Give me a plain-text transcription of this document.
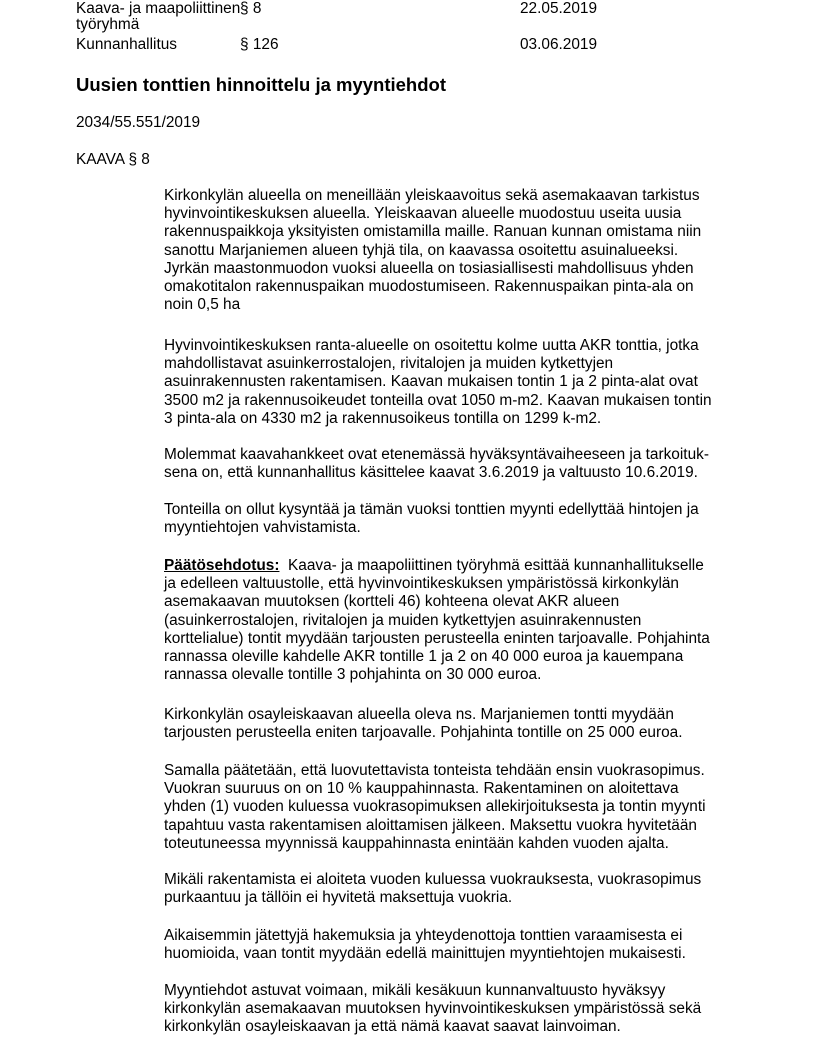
Kaava- ja maapoliittinen
työryhmä
§ 8	22.05.2019
Kunnanhallitus	§ 126	03.06.2019
Uusien tonttien hinnoittelu ja myyntiehdot
2034/55.551/2019
KAAVA § 8
Kirkonkylän alueella on meneillään yleiskaavoitus sekä asemakaavan tarkistus
hyvinvointikeskuksen alueella. Yleiskaavan alueelle muodostuu useita uusia
rakennuspaikkoja yksityisten omistamilla maille. Ranuan kunnan omistama niin
sanottu Marjaniemen alueen tyhjä tila, on kaavassa osoitettu asuinalueeksi.
Jyrkän maastonmuodon vuoksi alueella on tosiasiallisesti mahdollisuus yhden
omakotitalon rakennuspaikan muodostumiseen. Rakennuspaikan pinta-ala on
noin 0,5 ha
Hyvinvointikeskuksen ranta-alueelle on osoitettu kolme uutta AKR tonttia, jotka
mahdollistavat asuinkerrostalojen, rivitalojen ja muiden kytkettyjen
asuinrakennusten rakentamisen. Kaavan mukaisen tontin 1 ja 2 pinta-alat ovat
3500 m2 ja rakennusoikeudet tonteilla ovat 1050 m-m2. Kaavan mukaisen tontin
3 pinta-ala on 4330 m2 ja rakennusoikeus tontilla on 1299 k-m2.
Molemmat kaavahankkeet ovat etenemässä hyväksyntävaiheeseen ja tarkoituk-
sena on, että kunnanhallitus käsittelee kaavat 3.6.2019 ja valtuusto 10.6.2019.
Tonteilla on ollut kysyntää ja tämän vuoksi tonttien myynti edellyttää hintojen ja
myyntiehtojen vahvistamista.
Päätösehdotus:  Kaava- ja maapoliittinen työryhmä esittää kunnanhallitukselle
ja edelleen valtuustolle, että hyvinvointikeskuksen ympäristössä kirkonkylän
asemakaavan muutoksen (kortteli 46) kohteena olevat AKR alueen
(asuinkerrostalojen, rivitalojen ja muiden kytkettyjen asuinrakennusten
korttelialue) tontit myydään tarjousten perusteella eninten tarjoavalle. Pohjahinta
rannassa oleville kahdelle AKR tontille 1 ja 2 on 40 000 euroa ja kauempana
rannassa olevalle tontille 3 pohjahinta on 30 000 euroa.
Kirkonkylän osayleiskaavan alueella oleva ns. Marjaniemen tontti myydään
tarjousten perusteella eniten tarjoavalle. Pohjahinta tontille on 25 000 euroa.
Samalla päätetään, että luovutettavista tonteista tehdään ensin vuokrasopimus.
Vuokran suuruus on on 10 % kauppahinnasta. Rakentaminen on aloitettava
yhden (1) vuoden kuluessa vuokrasopimuksen allekirjoituksesta ja tontin myynti
tapahtuu vasta rakentamisen aloittamisen jälkeen. Maksettu vuokra hyvitetään
toteutuneessa myynnissä kauppahinnasta enintään kahden vuoden ajalta.
Mikäli rakentamista ei aloiteta vuoden kuluessa vuokrauksesta, vuokrasopimus
purkaantuu ja tällöin ei hyvitetä maksettuja vuokria.
Aikaisemmin jätettyjä hakemuksia ja yhteydenottoja tonttien varaamisesta ei
huomioida, vaan tontit myydään edellä mainittujen myyntiehtojen mukaisesti.
Myyntiehdot astuvat voimaan, mikäli kesäkuun kunnanvaltuusto hyväksyy
kirkonkylän asemakaavan muutoksen hyvinvointikeskuksen ympäristössä sekä
kirkonkylän osayleiskaavan ja että nämä kaavat saavat lainvoiman.
